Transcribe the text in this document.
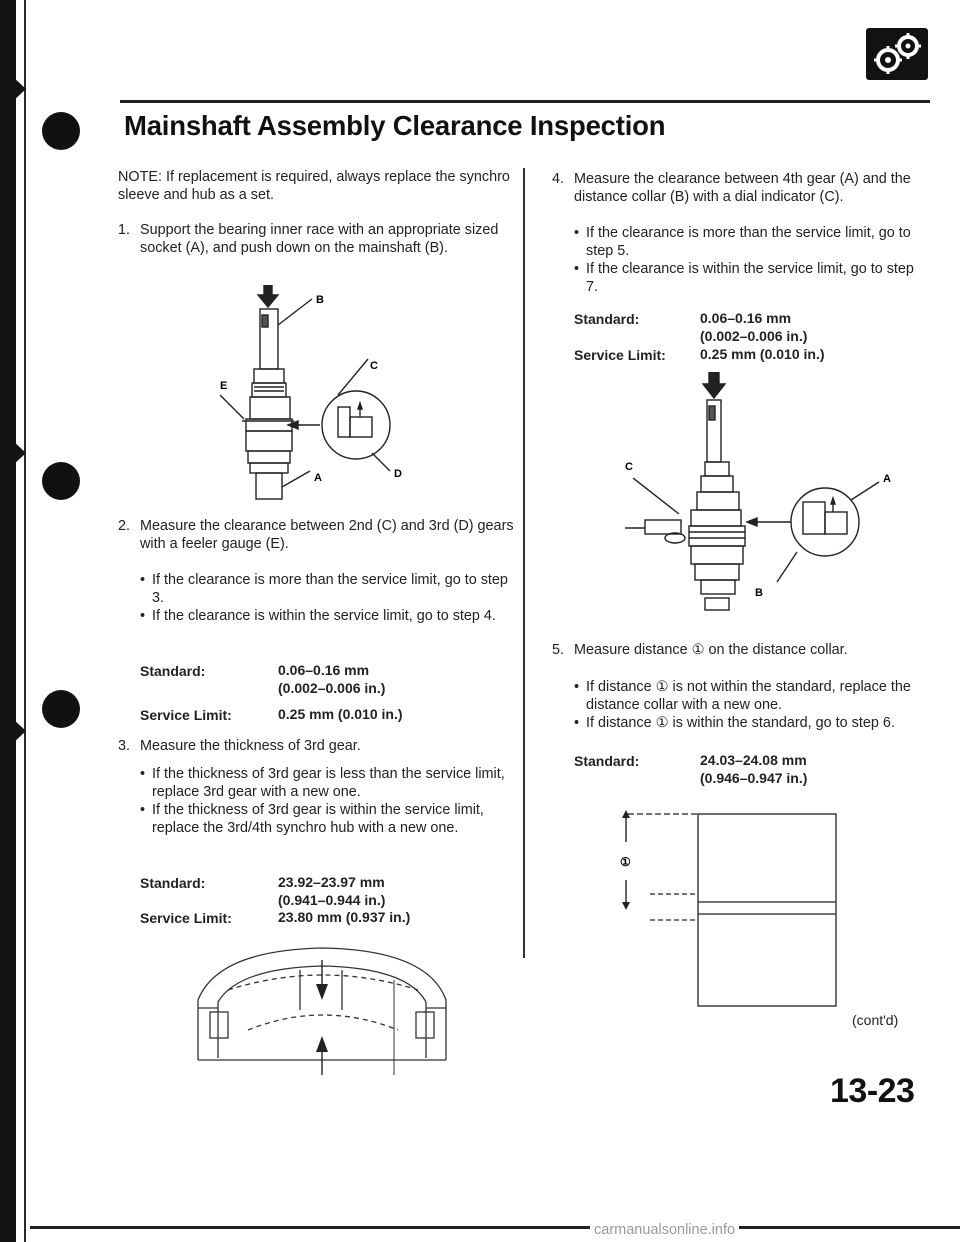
Mainshaft Assembly Clearance Inspection
NOTE: If replacement is required, always replace the synchro sleeve and hub as a set.
1. Support the bearing inner race with an appropriate sized socket (A), and push down on the mainshaft (B).
B
C
E
D
A
2. Measure the clearance between 2nd (C) and 3rd (D) gears with a feeler gauge (E).
• If the clearance is more than the service limit, go to step 3.
• If the clearance is within the service limit, go to step 4.
Standard:	0.06–0.16 mm
(0.002–0.006 in.)
Service Limit:	0.25 mm (0.010 in.)
3. Measure the thickness of 3rd gear.
• If the thickness of 3rd gear is less than the service limit, replace 3rd gear with a new one.
• If the thickness of 3rd gear is within the service limit, replace the 3rd/4th synchro hub with a new one.
Standard:	23.92–23.97 mm
(0.941–0.944 in.)
Service Limit:	23.80 mm (0.937 in.)
4. Measure the clearance between 4th gear (A) and the distance collar (B) with a dial indicator (C).
• If the clearance is more than the service limit, go to step 5.
• If the clearance is within the service limit, go to step 7.
Standard:	0.06–0.16 mm
(0.002–0.006 in.)
Service Limit: 0.25 mm (0.010 in.)
C
A
B
5. Measure distance ① on the distance collar.
• If distance ① is not within the standard, replace the distance collar with a new one.
• If distance ① is within the standard, go to step 6.
Standard:	24.03–24.08 mm
(0.946–0.947 in.)
①
(cont'd)
13-23
carmanualsonline.info
